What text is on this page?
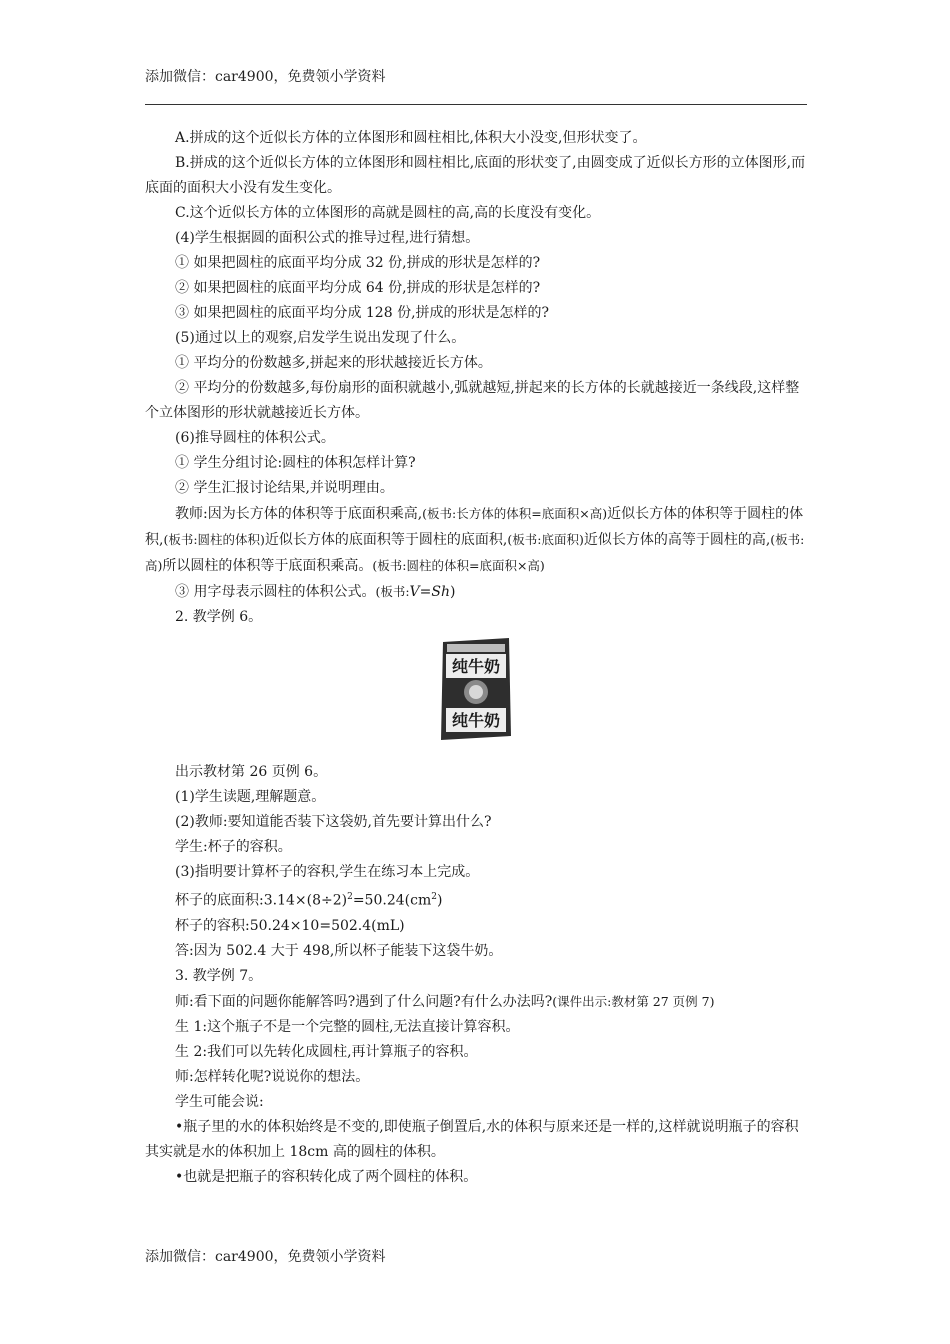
添加微信：car4900，免费领小学资料

A.拼成的这个近似长方体的立体图形和圆柱相比,体积大小没变,但形状变了。

B.拼成的这个近似长方体的立体图形和圆柱相比,底面的形状变了,由圆变成了近似长方形的立体图形,而底面的面积大小没有发生变化。

C.这个近似长方体的立体图形的高就是圆柱的高,高的长度没有变化。

(4)学生根据圆的面积公式的推导过程,进行猜想。

① 如果把圆柱的底面平均分成 32 份,拼成的形状是怎样的?

② 如果把圆柱的底面平均分成 64 份,拼成的形状是怎样的?

③ 如果把圆柱的底面平均分成 128 份,拼成的形状是怎样的?

(5)通过以上的观察,启发学生说出发现了什么。

① 平均分的份数越多,拼起来的形状越接近长方体。

② 平均分的份数越多,每份扇形的面积就越小,弧就越短,拼起来的长方体的长就越接近一条线段,这样整个立体图形的形状就越接近长方体。

(6)推导圆柱的体积公式。

① 学生分组讨论:圆柱的体积怎样计算?

② 学生汇报讨论结果,并说明理由。

教师:因为长方体的体积等于底面积乘高,(板书:长方体的体积=底面积×高)近似长方体的体积等于圆柱的体积,(板书:圆柱的体积)近似长方体的底面积等于圆柱的底面积,(板书:底面积)近似长方体的高等于圆柱的高,(板书:高)所以圆柱的体积等于底面积乘高。(板书:圆柱的体积=底面积×高)

③ 用字母表示圆柱的体积公式。(板书:V=Sh)

2. 教学例 6。

纯牛奶
纯牛奶

出示教材第 26 页例 6。

(1)学生读题,理解题意。

(2)教师:要知道能否装下这袋奶,首先要计算出什么?

学生:杯子的容积。

(3)指明要计算杯子的容积,学生在练习本上完成。

杯子的底面积$:3.14\times(8\div 2)^2=50.24(cm^2)$

杯子的容积:50.24×10=502.4(mL)

答:因为 502.4 大于 498,所以杯子能装下这袋牛奶。

3. 教学例 7。

师:看下面的问题你能解答吗?遇到了什么问题?有什么办法吗?(课件出示:教材第 27 页例 7)

生 1:这个瓶子不是一个完整的圆柱,无法直接计算容积。

生 2:我们可以先转化成圆柱,再计算瓶子的容积。

师:怎样转化呢?说说你的想法。

学生可能会说:

•瓶子里的水的体积始终是不变的,即使瓶子倒置后,水的体积与原来还是一样的,这样就说明瓶子的容积其实就是水的体积加上 18cm 高的圆柱的体积。

•也就是把瓶子的容积转化成了两个圆柱的体积。

添加微信：car4900，免费领小学资料
